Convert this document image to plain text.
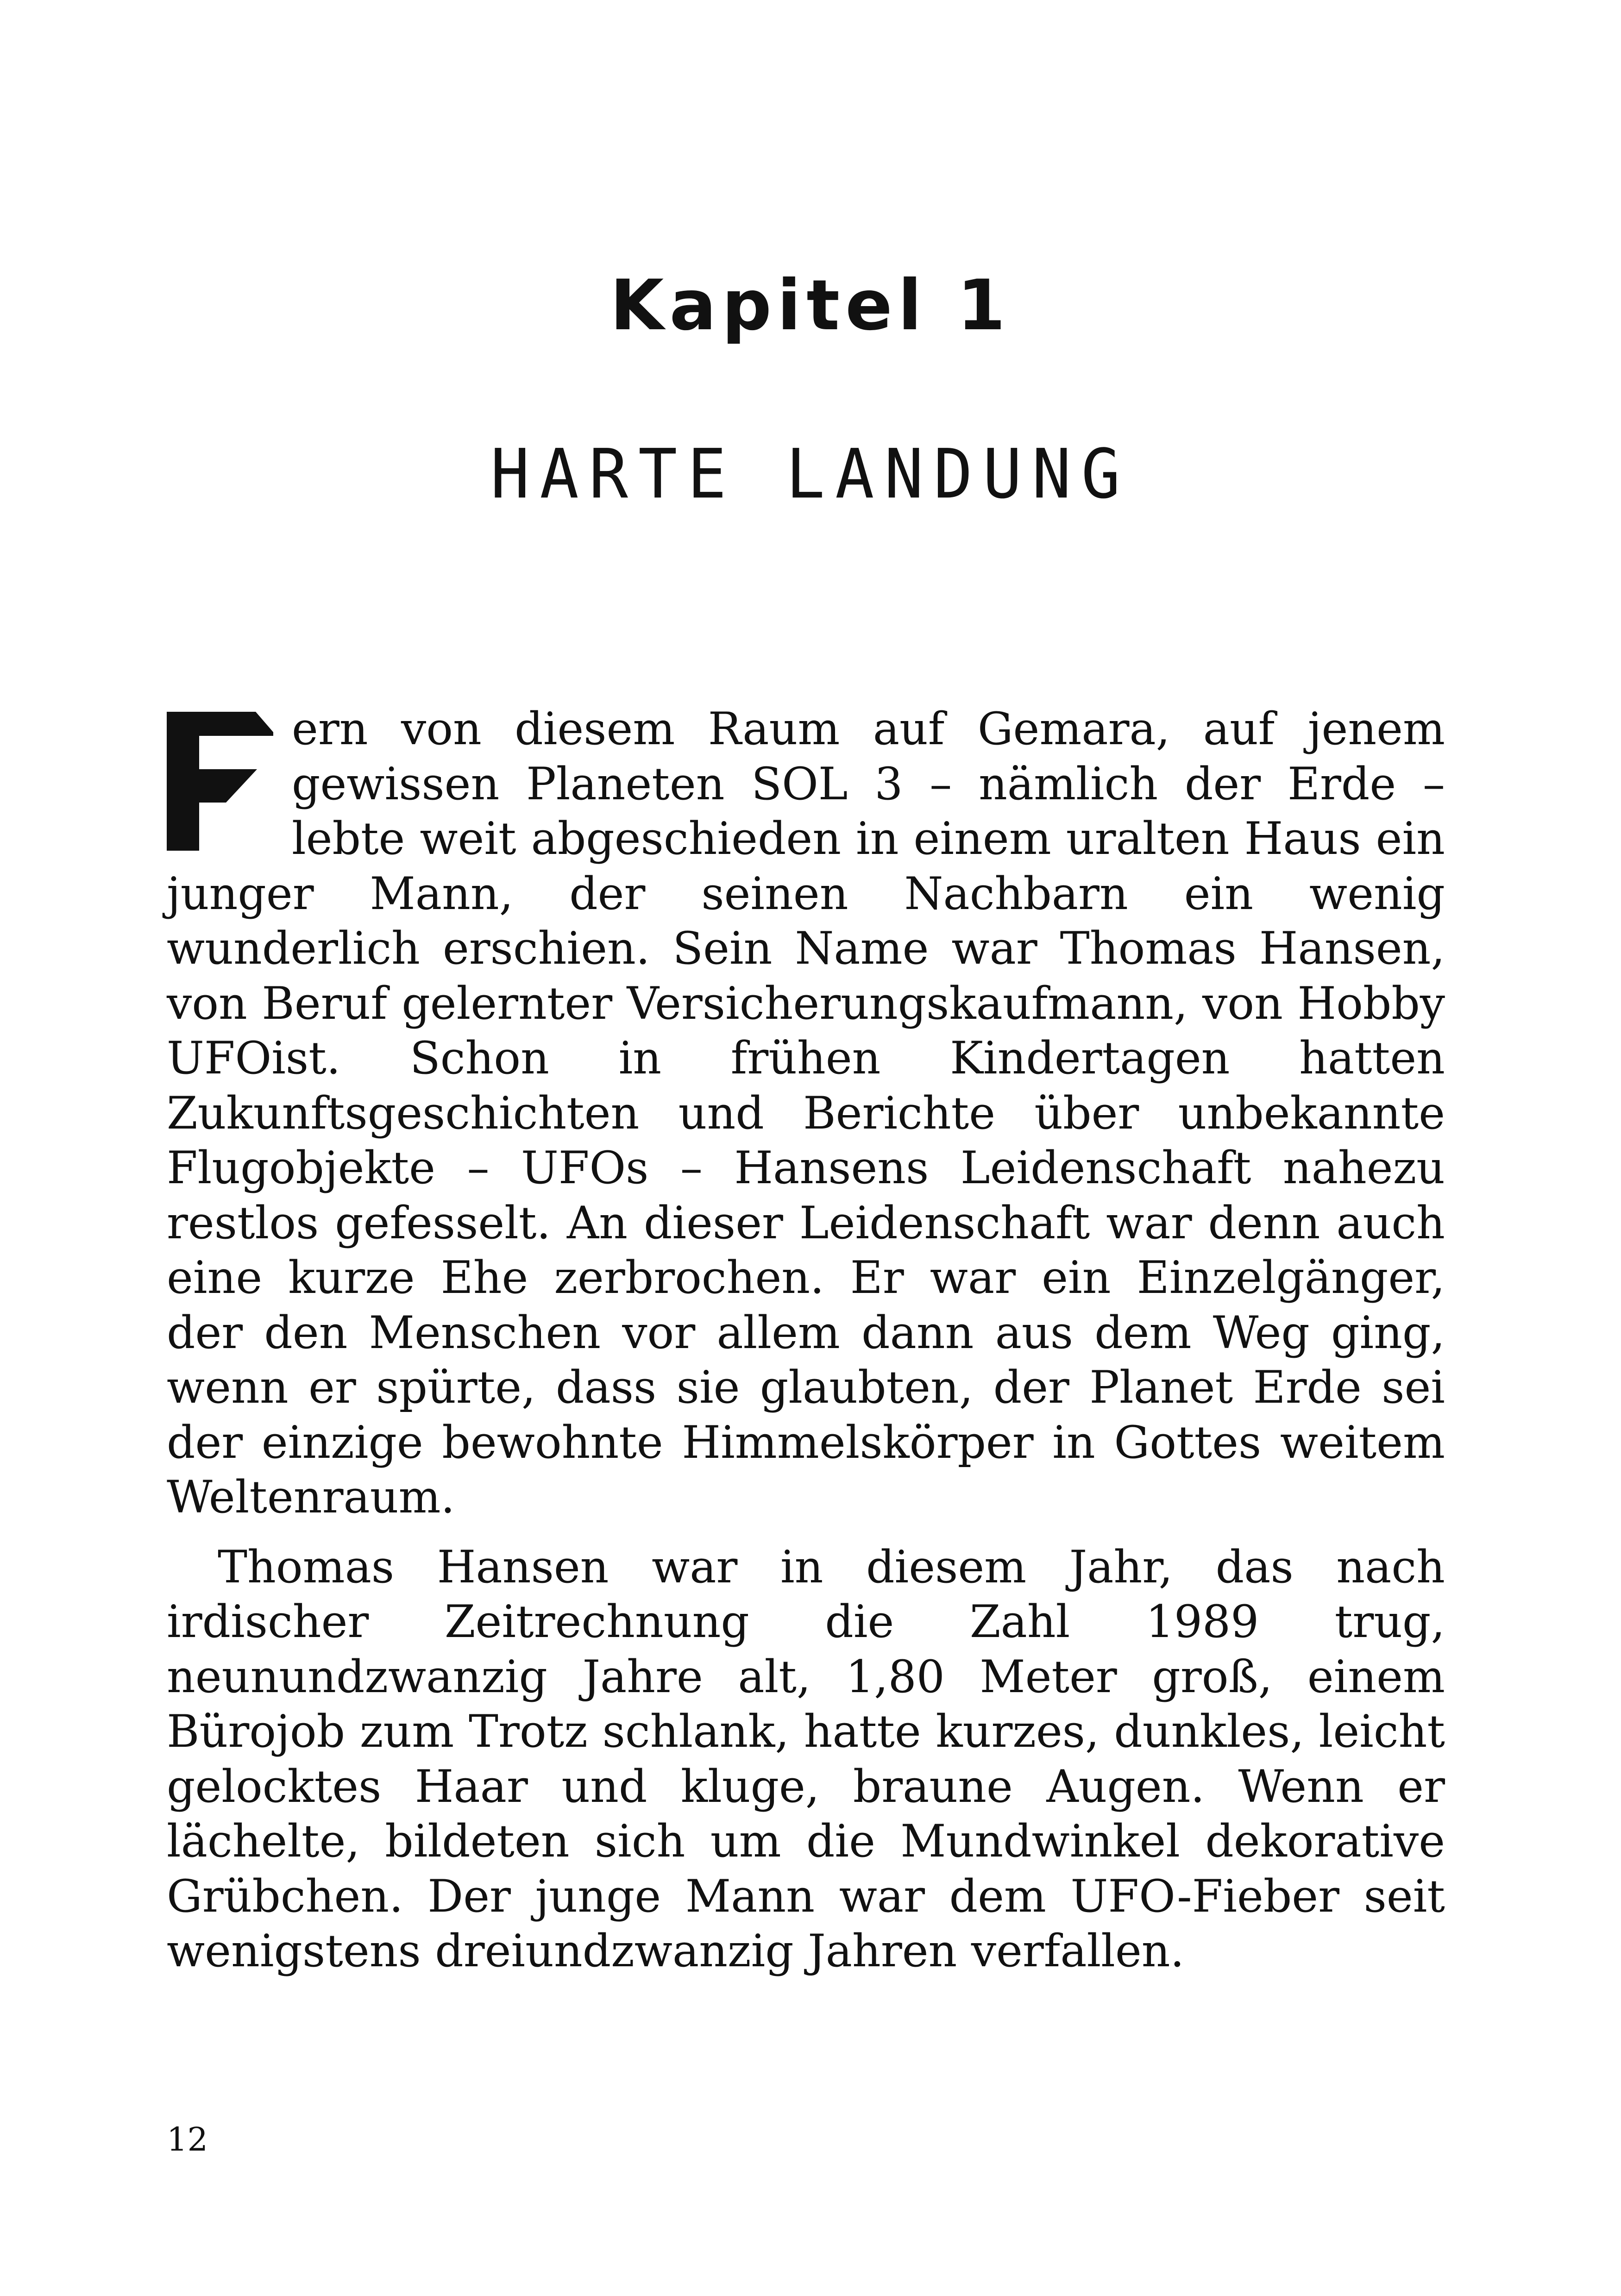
Kapitel 1
HARTE LANDUNG

ern von diesem Raum auf Gemara, auf jenem gewissen Planeten SOL 3 – nämlich der Erde – lebte weit abgeschieden in einem uralten Haus ein junger Mann, der seinen Nachbarn ein wenig wunderlich erschien. Sein Name war Thomas Hansen, von Beruf gelernter Versicherungskaufmann, von Hobby UFOist. Schon in frühen Kindertagen hatten Zukunftsgeschichten und Berichte über unbekannte Flugobjekte – UFOs – Hansens Leidenschaft nahezu restlos gefesselt. An dieser Leidenschaft war denn auch eine kurze Ehe zerbrochen. Er war ein Einzelgänger, der den Menschen vor allem dann aus dem Weg ging, wenn er spürte, dass sie glaubten, der Planet Erde sei der einzige bewohnte Himmelskörper in Gottes weitem Weltenraum.

Thomas Hansen war in diesem Jahr, das nach irdischer Zeitrechnung die Zahl 1989 trug, neunundzwanzig Jahre alt, 1,80 Meter groß, einem Bürojob zum Trotz schlank, hatte kurzes, dunkles, leicht gelocktes Haar und kluge, braune Augen. Wenn er lächelte, bildeten sich um die Mundwinkel dekorative Grübchen. Der junge Mann war dem UFO-Fieber seit wenigstens dreiundzwanzig Jahren verfallen.

12
